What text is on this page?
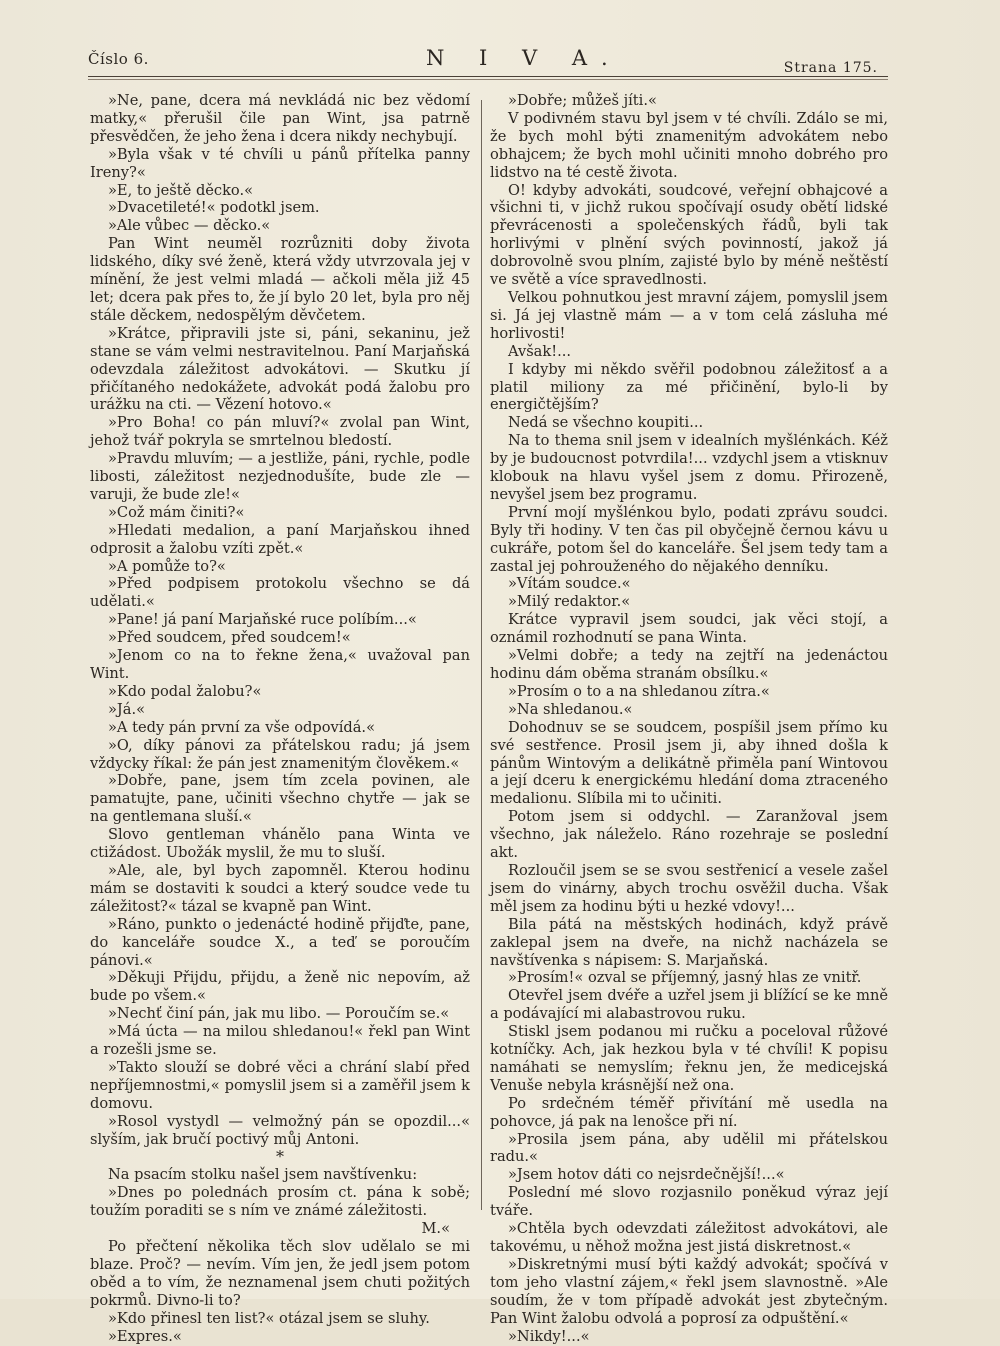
Číslo 6.	N I V A.	Strana 175.

»Ne, pane, dcera má nevkládá nic bez vědomí matky,« přerušil čile pan Wint, jsa patrně přesvědčen, že jeho žena i dcera nikdy nechybují.

»Byla však v té chvíli u pánů přítelka panny Ireny?«

»E, to ještě děcko.«

»Dvacetileté!« podotkl jsem.

»Ale vůbec — děcko.«

Pan Wint neuměl rozrůzniti doby života lidského, díky své ženě, která vždy utvrzovala jej v mínění, že jest velmi mladá — ačkoli měla již 45 let; dcera pak přes to, že jí bylo 20 let, byla pro něj stále děckem, nedospělým děvčetem.

»Krátce, připravili jste si, páni, sekaninu, jež stane se vám velmi nestravitelnou. Paní Marjaňská odevzdala záležitost advokátovi. — Skutku jí přičítaného nedokážete, advokát podá žalobu pro urážku na cti. — Vězení hotovo.«

»Pro Boha! co pán mluví?« zvolal pan Wint, jehož tvář pokryla se smrtelnou bledostí.

»Pravdu mluvím; — a jestliže, páni, rychle, podle libosti, záležitost nezjednodušíte, bude zle — varuji, že bude zle!«

»Což mám činiti?«

»Hledati medalion, a paní Marjaňskou ihned odprosit a žalobu vzíti zpět.«

»A pomůže to?«

»Před podpisem protokolu všechno se dá udělati.«

»Pane! já paní Marjaňské ruce políbím...«

»Před soudcem, před soudcem!«

»Jenom co na to řekne žena,« uvažoval pan Wint.

»Kdo podal žalobu?«

»Já.«

»A tedy pán první za vše odpovídá.«

»O, díky pánovi za přátelskou radu; já jsem vždycky říkal: že pán jest znamenitým člověkem.«

»Dobře, pane, jsem tím zcela povinen, ale pamatujte, pane, učiniti všechno chytře — jak se na gentlemana sluší.«

Slovo gentleman vhánělo pana Winta ve ctižádost. Ubožák myslil, že mu to sluší.

»Ale, ale, byl bych zapomněl. Kterou hodinu mám se dostaviti k soudci a který soudce vede tu záležitost?« tázal se kvapně pan Wint.

»Ráno, punkto o jedenácté hodině přijďte, pane, do kanceláře soudce X., a teď se poroučím pánovi.«

»Děkuji Přijdu, přijdu, a ženě nic nepovím, až bude po všem.«

»Nechť činí pán, jak mu libo. — Poroučím se.«

»Má úcta — na milou shledanou!« řekl pan Wint a rozešli jsme se.

»Takto slouží se dobré věci a chrání slabí před nepříjemnostmi,« pomyslil jsem si a zaměřil jsem k domovu.

»Rosol vystydl — velmožný pán se opozdil...« slyším, jak bručí poctivý můj Antoni.

*

Na psacím stolku našel jsem navštívenku:

»Dnes po polednách prosím ct. pána k sobě; toužím poraditi se s ním ve známé záležitosti.

M.«

Po přečtení několika těch slov udělalo se mi blaze. Proč? — nevím. Vím jen, že jedl jsem potom oběd a to vím, že neznamenal jsem chuti požitých pokrmů. Divno-li to?

»Kdo přinesl ten list?« otázal jsem se sluhy.

»Expres.«

»Dobře; můžeš jíti.«

V podivném stavu byl jsem v té chvíli. Zdálo se mi, že bych mohl býti znamenitým advokátem nebo obhajcem; že bych mohl učiniti mnoho dobrého pro lidstvo na té cestě života.

O! kdyby advokáti, soudcové, veřejní obhajcové a všichni ti, v jichž rukou spočívají osudy obětí lidské převrácenosti a společenských řádů, byli tak horlivými v plnění svých povinností, jakož já dobrovolně svou plním, zajisté bylo by méně neštěstí ve světě a více spravedlnosti.

Velkou pohnutkou jest mravní zájem, pomyslil jsem si. Já jej vlastně mám — a v tom celá zásluha mé horlivosti!

Avšak!...

I kdyby mi někdo svěřil podobnou záležitosť a a platil miliony za mé přičinění, bylo-li by energičtějším?

Nedá se všechno koupiti...

Na to thema snil jsem v idealních myšlénkách. Kéž by je budoucnost potvrdila!... vzdychl jsem a vtisknuv klobouk na hlavu vyšel jsem z domu. Přirozeně, nevyšel jsem bez programu.

První mojí myšlénkou bylo, podati zprávu soudci. Byly tři hodiny. V ten čas pil obyčejně černou kávu u cukráře, potom šel do kanceláře. Šel jsem tedy tam a zastal jej pohrouženého do nějakého denníku.

»Vítám soudce.«

»Milý redaktor.«

Krátce vypravil jsem soudci, jak věci stojí, a oznámil rozhodnutí se pana Winta.

»Velmi dobře; a tedy na zejtří na jedenáctou hodinu dám oběma stranám obsílku.«

»Prosím o to a na shledanou zítra.«

»Na shledanou.«

Dohodnuv se se soudcem, pospíšil jsem přímo ku své sestřence. Prosil jsem ji, aby ihned došla k pánům Wintovým a delikátně přiměla paní Wintovou a její dceru k energickému hledání doma ztraceného medalionu. Slíbila mi to učiniti.

Potom jsem si oddychl. — Zaranžoval jsem všechno, jak náleželo. Ráno rozehraje se poslední akt.

Rozloučil jsem se se svou sestřenicí a vesele zašel jsem do vinárny, abych trochu osvěžil ducha. Však měl jsem za hodinu býti u hezké vdovy!...

Bila pátá na městských hodinách, když právě zaklepal jsem na dveře, na nichž nacházela se navštívenka s nápisem: S. Marjaňská.

»Prosím!« ozval se příjemný, jasný hlas ze vnitř.

Otevřel jsem dvéře a uzřel jsem ji blížící se ke mně a podávající mi alabastrovou ruku.

Stiskl jsem podanou mi ručku a poceloval růžové kotníčky. Ach, jak hezkou byla v té chvíli! K popisu namáhati se nemyslím; řeknu jen, že medicejská Venuše nebyla krásnější než ona.

Po srdečném téměř přivítání mě usedla na pohovce, já pak na lenošce při ní.

»Prosila jsem pána, aby udělil mi přátelskou radu.«

»Jsem hotov dáti co nejsrdečnější!...«

Poslední mé slovo rozjasnilo poněkud výraz její tváře.

»Chtěla bych odevzdati záležitost advokátovi, ale takovému, u něhož možna jest jistá diskretnost.«

»Diskretnými musí býti každý advokát; spočívá v tom jeho vlastní zájem,« řekl jsem slavnostně. »Ale soudím, že v tom případě advokát jest zbytečným. Pan Wint žalobu odvolá a poprosí za odpuštění.«

»Nikdy!...«
